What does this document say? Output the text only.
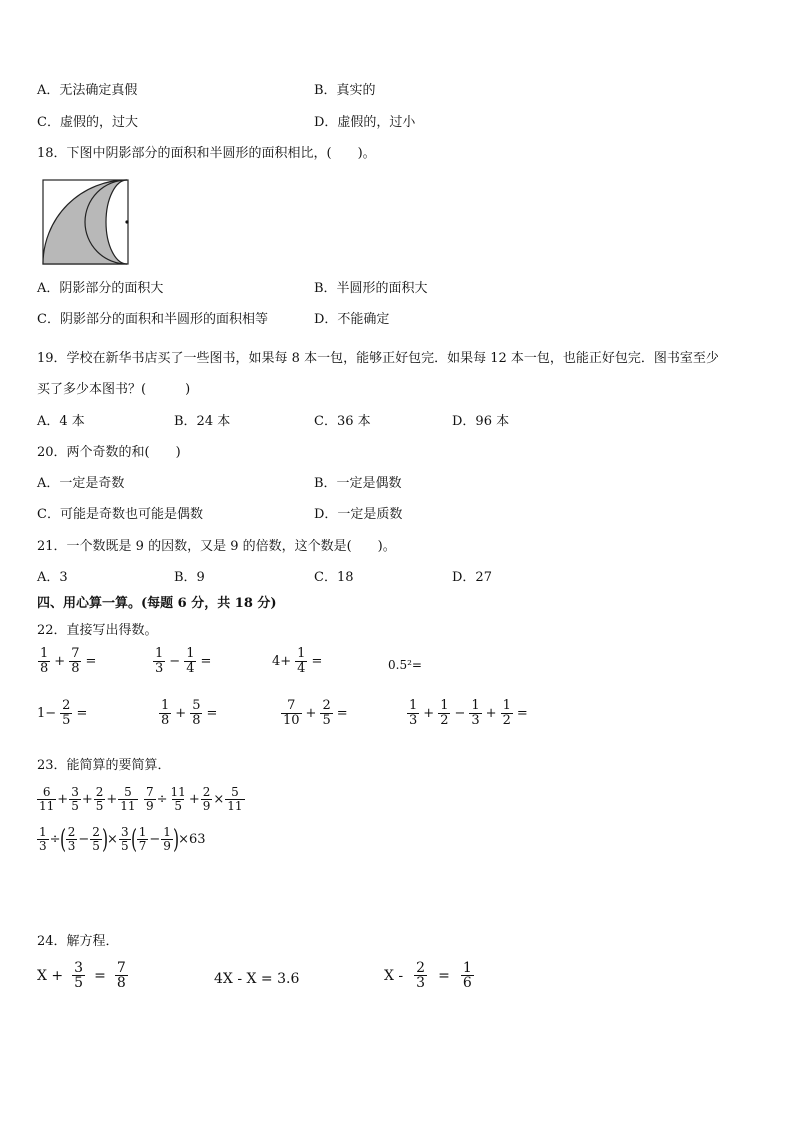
A．无法确定真假	B．真实的
C．虚假的，过大	D．虚假的，过小
18．下图中阴影部分的面积和半圆形的面积相比，(　　)。
A．阴影部分的面积大	B．半圆形的面积大
C．阴影部分的面积和半圆形的面积相等	D．不能确定
19．学校在新华书店买了一些图书，如果每 8 本一包，能够正好包完．如果每 12 本一包，也能正好包完．图书室至少
买了多少本图书？(　　　)
A．4 本	B．24 本	C．36 本	D．96 本
20．两个奇数的和(　　)
A．一定是奇数	B．一定是偶数
C．可能是奇数也可能是偶数	D．一定是质数
21．一个数既是 9 的因数，又是 9 的倍数，这个数是(　　)。
A．3	B．9	C．18	D．27
四、用心算一算。(每题 6 分，共 18 分)
22．直接写出得数。
$\frac{1}{8} + \frac{7}{8}$ =	$\frac{1}{3} - \frac{1}{4}$ =	$4+ \frac{1}{4}$ =	0.5²=
$1- \frac{2}{5}$ =	$\frac{1}{8} + \frac{5}{8}$ =	$\frac{7}{10} + \frac{2}{5}$ =	$\frac{1}{3} + \frac{1}{2} - \frac{1}{3} + \frac{1}{2}$ =
23．能简算的要简算．
$\frac{6}{11} + \frac{3}{5} + \frac{2}{5} + \frac{5}{11} \frac{7}{9} \div \frac{11}{5} + \frac{2}{9} \times \frac{5}{11}$
$\frac{1}{3}$ ÷ ( $\frac{2}{3} - \frac{2}{5}$ ) × $\frac{3}{5}$ ( $\frac{1}{7} - \frac{1}{9}$ ) ×63
24．解方程．
$X + \frac{3}{5} = \frac{7}{8}$	4X - X = 3.6	$X - \frac{2}{3} = \frac{1}{6}$
